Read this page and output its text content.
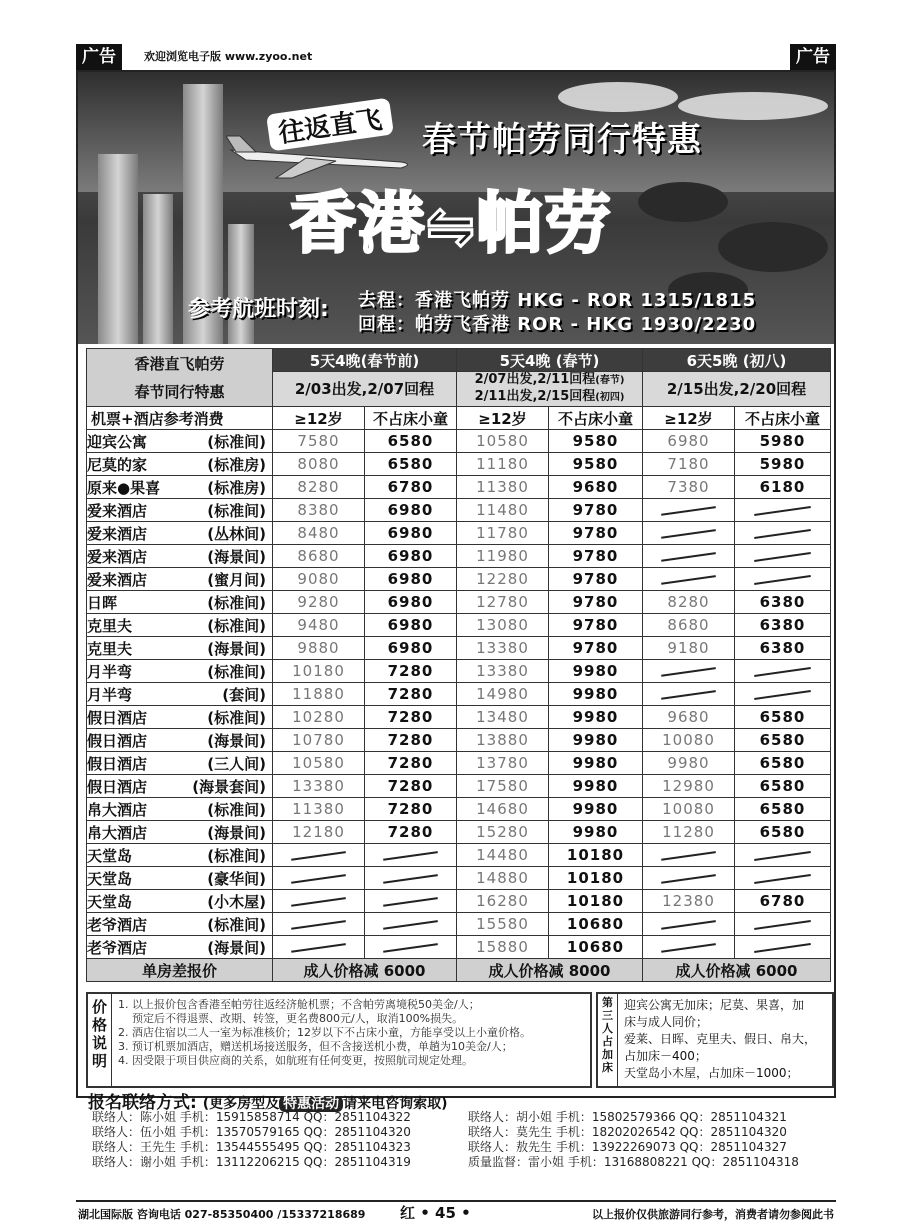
广告	欢迎浏览电子版 www.zyoo.net	广告
往返直飞 春节帕劳同行特惠
香港⇋帕劳
参考航班时刻: 去程：香港飞帕劳 HKG - ROR 1315/1815
回程：帕劳飞香港 ROR - HKG 1930/2230
香港直飞帕劳
春节同行特惠	5天4晚(春节前)		5天4晚 (春节)		6天5晚 (初八)	
	2/03出发,2/07回程		2/07出发,2/11回程(春节)
2/11出发,2/15回程(初四)		2/15出发,2/20回程	
机票+酒店参考消费	≥12岁	不占床小童	≥12岁	不占床小童	≥12岁	不占床小童
迎宾公寓 (标准间)	7580	6580	10580	9580	6980	5980
尼莫的家 (标准房)	8080	6580	11180	9580	7180	5980
原来●果喜 (标准房)	8280	6780	11380	9680	7380	6180
爱来酒店 (标准间)	8380	6980	11480	9780		
爱来酒店 (丛林间)	8480	6980	11780	9780		
爱来酒店 (海景间)	8680	6980	11980	9780		
爱来酒店 (蜜月间)	9080	6980	12280	9780		
日晖 (标准间)	9280	6980	12780	9780	8280	6380
克里夫 (标准间)	9480	6980	13080	9780	8680	6380
克里夫 (海景间)	9880	6980	13380	9780	9180	6380
月半弯 (标准间)	10180	7280	13380	9980		
月半弯 (套间)	11880	7280	14980	9980		
假日酒店 (标准间)	10280	7280	13480	9980	9680	6580
假日酒店 (海景间)	10780	7280	13880	9980	10080	6580
假日酒店 (三人间)	10580	7280	13780	9980	9980	6580
假日酒店 (海景套间)	13380	7280	17580	9980	12980	6580
帛大酒店 (标准间)	11380	7280	14680	9980	10080	6580
帛大酒店 (海景间)	12180	7280	15280	9980	11280	6580
天堂岛 (标准间)			14480	10180		
天堂岛 (豪华间)			14880	10180		
天堂岛 (小木屋)			16280	10180	12380	6780
老爷酒店 (标准间)			15580	10680		
老爷酒店 (海景间)			15880	10680		
单房差报价	成人价格减 6000		成人价格减 8000		成人价格减 6000	
价格说明
1. 以上报价包含香港至帕劳往返经济舱机票；不含帕劳离境税50美金/人；
预定后不得退票、改期、转签，更名费800元/人，取消100%损失。
2. 酒店住宿以二人一室为标准核价；12岁以下不占床小童，方能享受以上小童价格。
3. 预订机票加酒店，赠送机场接送服务，但不含接送机小费，单趟为10美金/人；
4. 因受限于项目供应商的关系，如航班有任何变更，按照航司规定处理。
第三人占加床
迎宾公寓无加床；尼莫、果喜，加
床与成人同价；
爱莱、日晖、克里夫、假日、帛大，
占加床－400；
天堂岛小木屋，占加床－1000；
报名联络方式: (更多房型及 特惠活动 请来电咨询索取)
联络人：陈小姐 手机：15915858714 QQ：2851104322
联络人：伍小姐 手机：13570579165 QQ：2851104320
联络人：王先生 手机：13544555495 QQ：2851104323
联络人：谢小姐 手机：13112206215 QQ：2851104319
联络人：胡小姐 手机：15802579366 QQ：2851104321
联络人：莫先生 手机：18202026542 QQ：2851104320
联络人：敖先生 手机：13922269073 QQ：2851104327
质量监督：雷小姐 手机：13168808221 QQ：2851104318
湖北国际版 咨询电话 027-85350400 /15337218689 红 • 45 •	以上报价仅供旅游同行参考，消费者请勿参阅此书
